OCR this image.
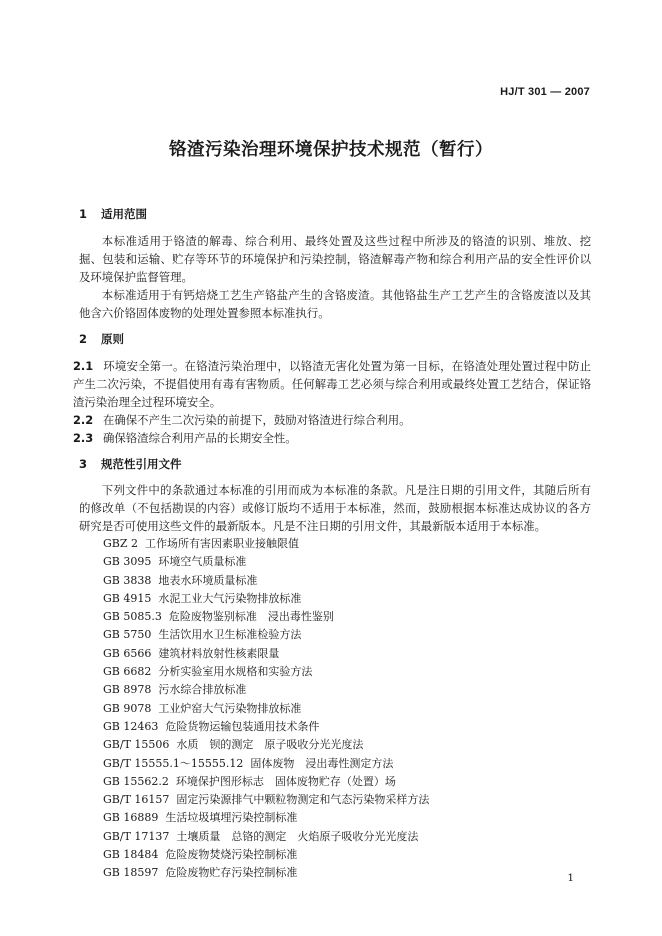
HJ/T 301 — 2007
铬渣污染治理环境保护技术规范（暂行）

1 适用范围

本标准适用于铬渣的解毒、综合利用、最终处置及这些过程中所涉及的铬渣的识别、堆放、挖掘、包装和运输、贮存等环节的环境保护和污染控制，铬渣解毒产物和综合利用产品的安全性评价以及环境保护监督管理。

本标准适用于有钙焙烧工艺生产铬盐产生的含铬废渣。其他铬盐生产工艺产生的含铬废渣以及其他含六价铬固体废物的处理处置参照本标准执行。

2 原则

2.1 环境安全第一。在铬渣污染治理中，以铬渣无害化处置为第一目标，在铬渣处理处置过程中防止产生二次污染，不提倡使用有毒有害物质。任何解毒工艺必须与综合利用或最终处置工艺结合，保证铬渣污染治理全过程环境安全。

2.2 在确保不产生二次污染的前提下，鼓励对铬渣进行综合利用。

2.3 确保铬渣综合利用产品的长期安全性。

3 规范性引用文件

下列文件中的条款通过本标准的引用而成为本标准的条款。凡是注日期的引用文件，其随后所有的修改单（不包括勘误的内容）或修订版均不适用于本标准，然而，鼓励根据本标准达成协议的各方研究是否可使用这些文件的最新版本。凡是不注日期的引用文件，其最新版本适用于本标准。

GBZ 2 工作场所有害因素职业接触限值
GB 3095 环境空气质量标准
GB 3838 地表水环境质量标准
GB 4915 水泥工业大气污染物排放标准
GB 5085.3 危险废物鉴别标准　浸出毒性鉴别
GB 5750 生活饮用水卫生标准检验方法
GB 6566 建筑材料放射性核素限量
GB 6682 分析实验室用水规格和实验方法
GB 8978 污水综合排放标准
GB 9078 工业炉窑大气污染物排放标准
GB 12463 危险货物运输包装通用技术条件
GB/T 15506 水质　钡的测定　原子吸收分光光度法
GB/T 15555.1～15555.12 固体废物　浸出毒性测定方法
GB 15562.2 环境保护图形标志　固体废物贮存（处置）场
GB/T 16157 固定污染源排气中颗粒物测定和气态污染物采样方法
GB 16889 生活垃圾填埋污染控制标准
GB/T 17137 土壤质量　总铬的测定　火焰原子吸收分光光度法
GB 18484 危险废物焚烧污染控制标准
GB 18597 危险废物贮存污染控制标准	1
